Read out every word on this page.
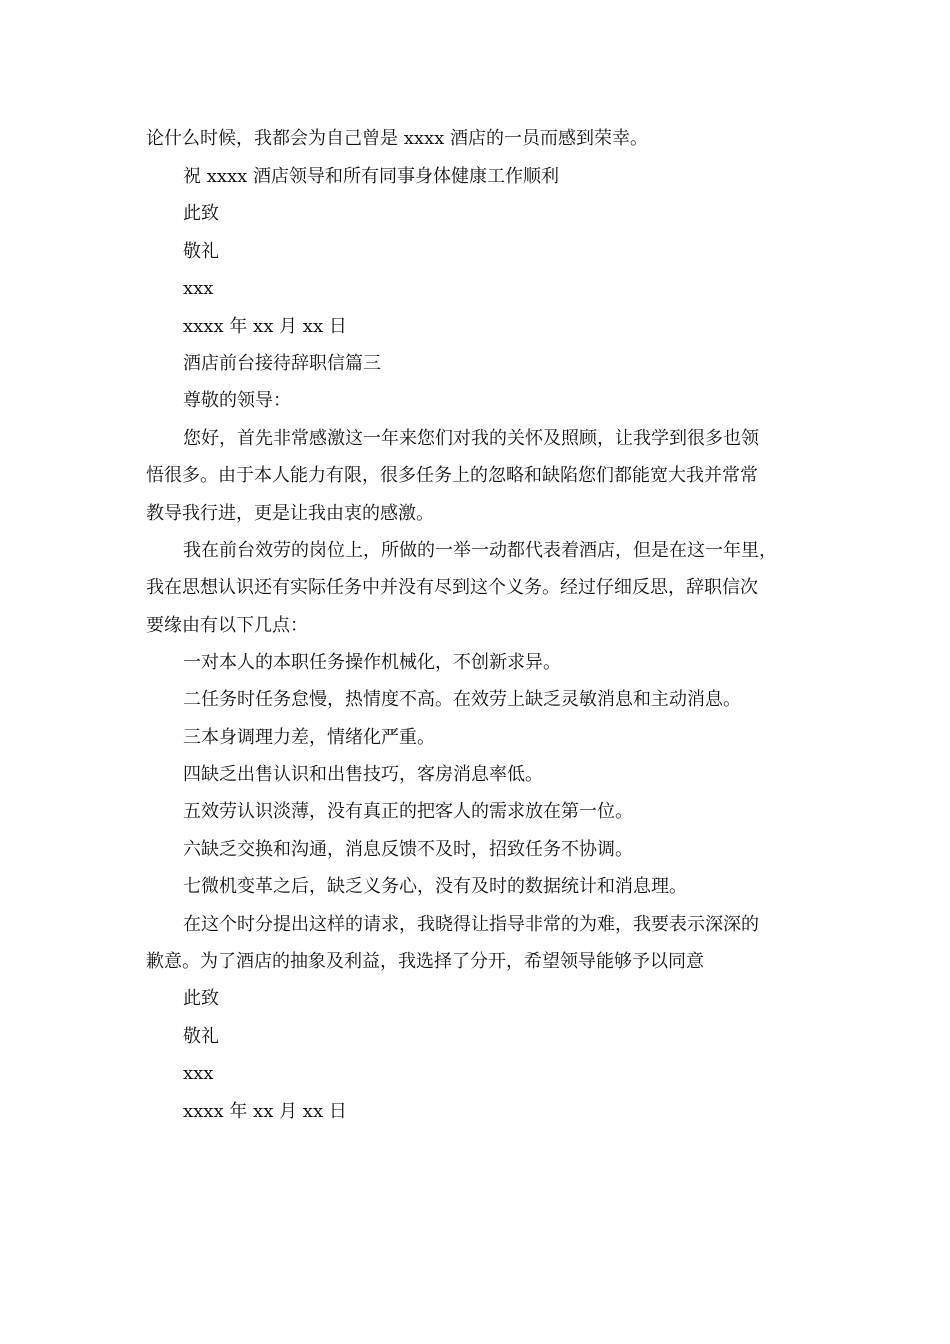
论什么时候，我都会为自己曾是 xxxx 酒店的一员而感到荣幸。
祝 xxxx 酒店领导和所有同事身体健康工作顺利
此致
敬礼
xxx
xxxx 年 xx 月 xx 日
酒店前台接待辞职信篇三
尊敬的领导：
您好，首先非常感激这一年来您们对我的关怀及照顾，让我学到很多也领
悟很多。由于本人能力有限，很多任务上的忽略和缺陷您们都能宽大我并常常
教导我行进，更是让我由衷的感激。
我在前台效劳的岗位上，所做的一举一动都代表着酒店，但是在这一年里，
我在思想认识还有实际任务中并没有尽到这个义务。经过仔细反思，辞职信次
要缘由有以下几点：
一对本人的本职任务操作机械化，不创新求异。
二任务时任务怠慢，热情度不高。在效劳上缺乏灵敏消息和主动消息。
三本身调理力差，情绪化严重。
四缺乏出售认识和出售技巧，客房消息率低。
五效劳认识淡薄，没有真正的把客人的需求放在第一位。
六缺乏交换和沟通，消息反馈不及时，招致任务不协调。
七微机变革之后，缺乏义务心，没有及时的数据统计和消息理。
在这个时分提出这样的请求，我晓得让指导非常的为难，我要表示深深的
歉意。为了酒店的抽象及利益，我选择了分开，希望领导能够予以同意
此致
敬礼
xxx
xxxx 年 xx 月 xx 日
